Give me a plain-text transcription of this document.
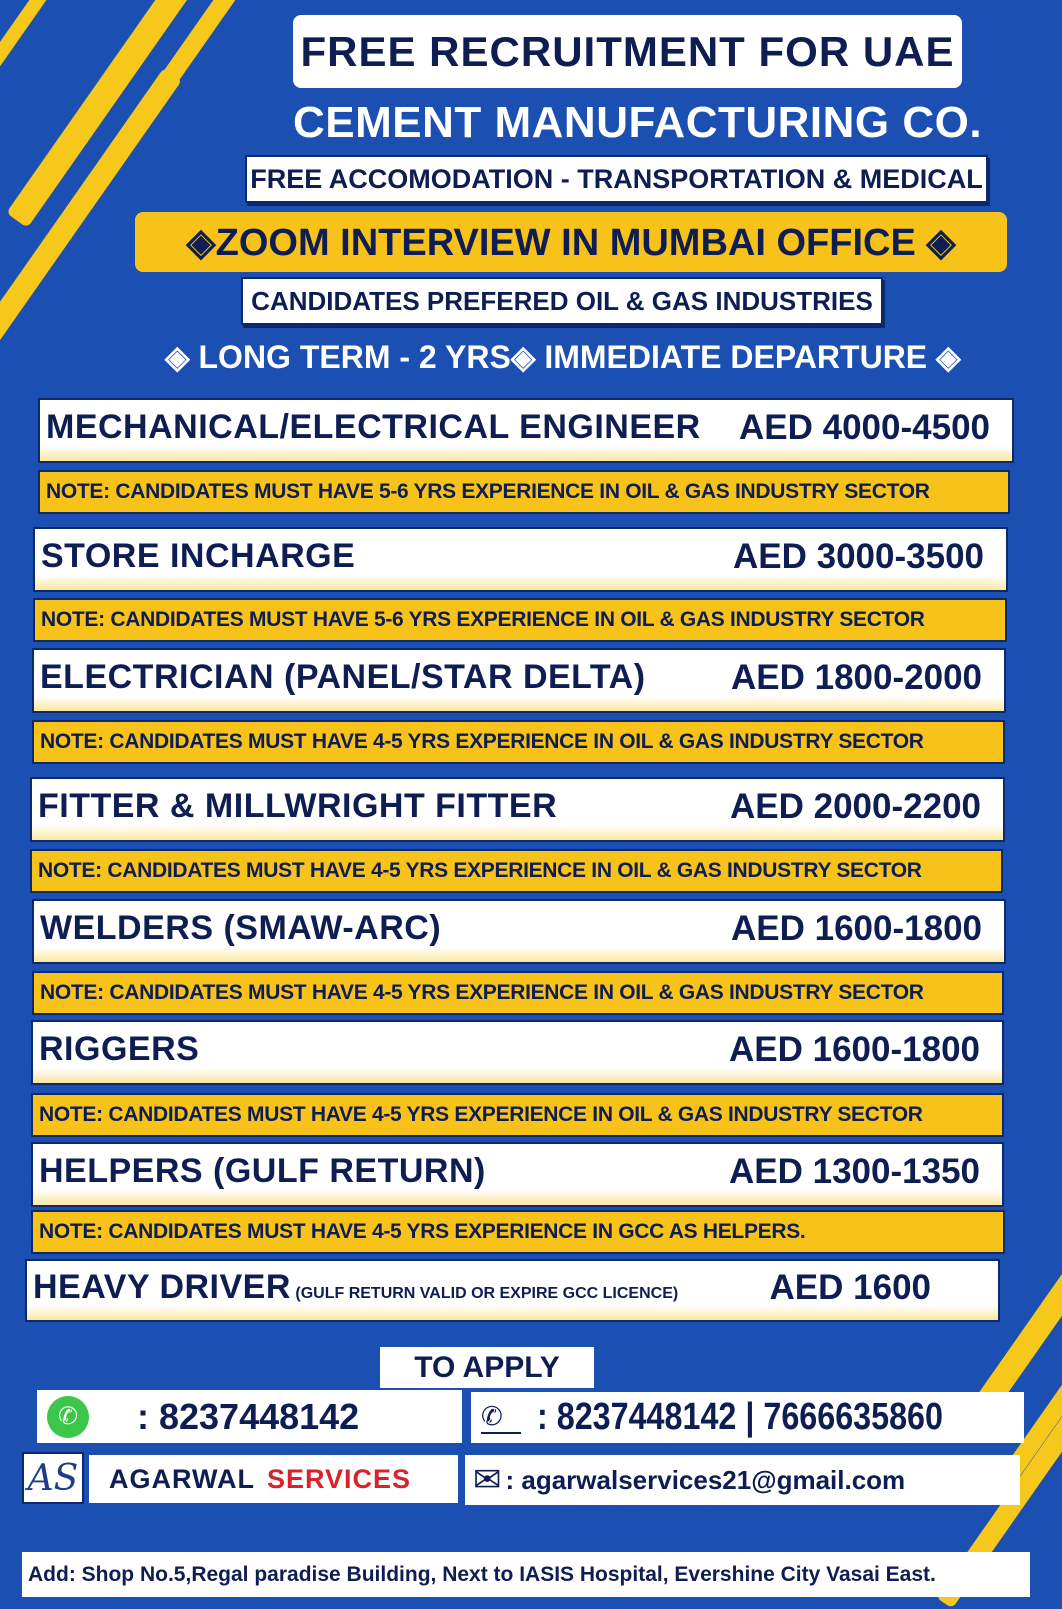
FREE RECRUITMENT FOR UAE
CEMENT MANUFACTURING CO.
FREE ACCOMODATION - TRANSPORTATION & MEDICAL
◈ZOOM INTERVIEW IN MUMBAI OFFICE ◈
CANDIDATES PREFERED OIL & GAS INDUSTRIES
◈ LONG TERM - 2 YRS◈ IMMEDIATE DEPARTURE ◈
MECHANICAL/ELECTRICAL ENGINEER AED 4000-4500
NOTE: CANDIDATES MUST HAVE 5-6 YRS EXPERIENCE IN OIL & GAS INDUSTRY SECTOR
STORE INCHARGE	AED 3000-3500
NOTE: CANDIDATES MUST HAVE 5-6 YRS EXPERIENCE IN OIL & GAS INDUSTRY SECTOR
ELECTRICIAN (PANEL/STAR DELTA) AED 1800-2000
NOTE: CANDIDATES MUST HAVE 4-5 YRS EXPERIENCE IN OIL & GAS INDUSTRY SECTOR
FITTER & MILLWRIGHT FITTER	AED 2000-2200
NOTE: CANDIDATES MUST HAVE 4-5 YRS EXPERIENCE IN OIL & GAS INDUSTRY SECTOR
WELDERS (SMAW-ARC)	AED 1600-1800
NOTE: CANDIDATES MUST HAVE 4-5 YRS EXPERIENCE IN OIL & GAS INDUSTRY SECTOR
RIGGERS	AED 1600-1800
NOTE: CANDIDATES MUST HAVE 4-5 YRS EXPERIENCE IN OIL & GAS INDUSTRY SECTOR
HELPERS (GULF RETURN)	AED 1300-1350
NOTE: CANDIDATES MUST HAVE 4-5 YRS EXPERIENCE IN GCC AS HELPERS.
HEAVY DRIVER (GULF RETURN VALID OR EXPIRE GCC LICENCE)	AED 1600
TO APPLY
✆	: 8237448142	✆ : 8237448142 | 7666635860
AS AGARWAL SERVICES ✉ : agarwalservices21@gmail.com
Add: Shop No.5,Regal paradise Building, Next to IASIS Hospital, Evershine City Vasai East.
